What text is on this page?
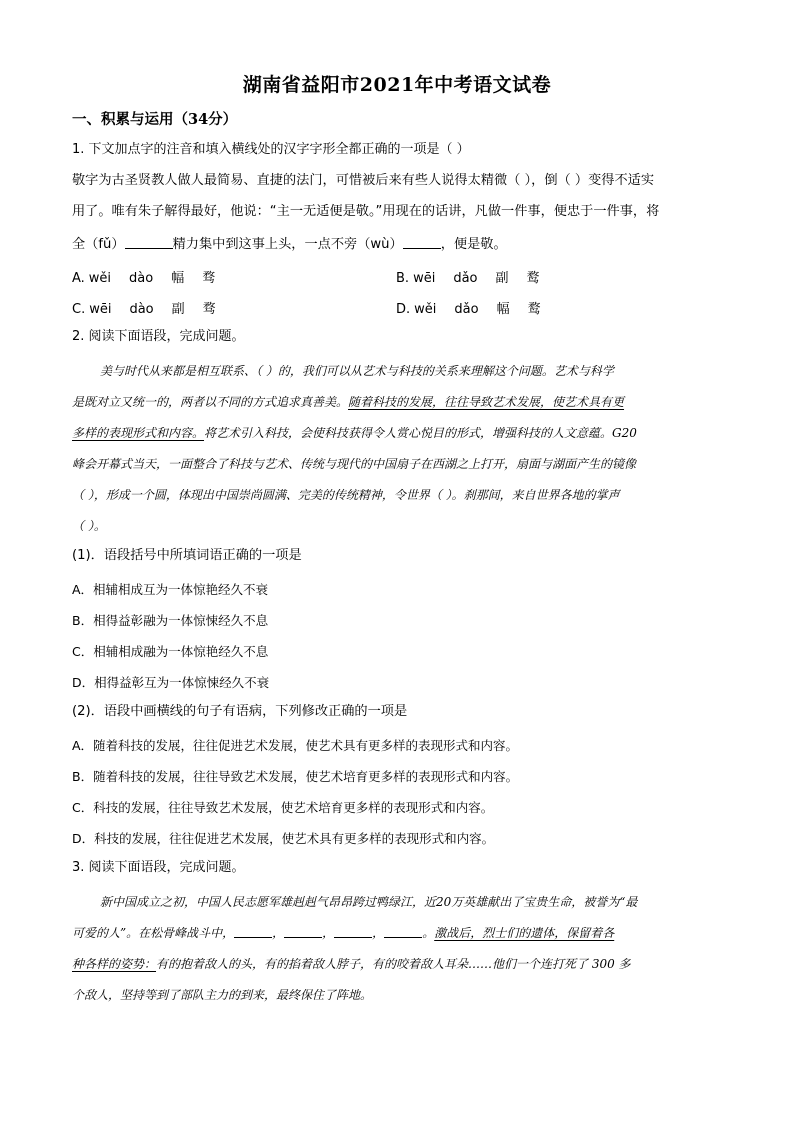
湖南省益阳市2021年中考语文试卷
一、积累与运用（34分）
1. 下文加点字的注音和填入横线处的汉字字形全都正确的一项是（ ）
敬字为古圣贤教人做人最简易、直捷的法门，可惜被后来有些人说得太精微（ ），倒（ ）变得不适实
用了。唯有朱子解得最好，他说：“主一无适便是敬。”用现在的话讲，凡做一件事，便忠于一件事，将
全（fǔ）	精力集中到这事上头，一点不旁（wù）	，便是敬。
A. wěi dào 幅 骛	B. wēi dǎo 副 鹜
C. wēi dào 副 骛	D. wěi dǎo 幅 鹜
2. 阅读下面语段，完成问题。
美与时代从来都是相互联系、（ ）的，我们可以从艺术与科技的关系来理解这个问题。艺术与科学
是既对立又统一的，两者以不同的方式追求真善美。随着科技的发展，往往导致艺术发展，使艺术具有更
多样的表现形式和内容。将艺术引入科技，会使科技获得令人赏心悦目的形式，增强科技的人文意蕴。G20
峰会开幕式当天，一面整合了科技与艺术、传统与现代的中国扇子在西湖之上打开，扇面与湖面产生的镜像
（ ），形成一个圆，体现出中国崇尚圆满、完美的传统精神，令世界（ ）。刹那间，来自世界各地的掌声
（ ）。
(1)．语段括号中所填词语正确的一项是
A．相辅相成互为一体惊艳经久不衰
B．相得益彰融为一体惊悚经久不息
C．相辅相成融为一体惊艳经久不息
D．相得益彰互为一体惊悚经久不衰
(2)．语段中画横线的句子有语病，下列修改正确的一项是
A．随着科技的发展，往往促进艺术发展，使艺术具有更多样的表现形式和内容。
B．随着科技的发展，往往导致艺术发展，使艺术培育更多样的表现形式和内容。
C．科技的发展，往往导致艺术发展，使艺术培育更多样的表现形式和内容。
D．科技的发展，往往促进艺术发展，使艺术具有更多样的表现形式和内容。
3. 阅读下面语段，完成问题。
新中国成立之初，中国人民志愿军雄赳赳气昂昂跨过鸭绿江，近20万英雄献出了宝贵生命，被誉为“最
可爱的人”。在松骨峰战斗中，	，	，	，	。激战后，烈士们的遗体，保留着各
种各样的姿势：有的抱着敌人的头，有的掐着敌人脖子，有的咬着敌人耳朵……他们一个连打死了 300 多
个敌人，坚持等到了部队主力的到来，最终保住了阵地。
